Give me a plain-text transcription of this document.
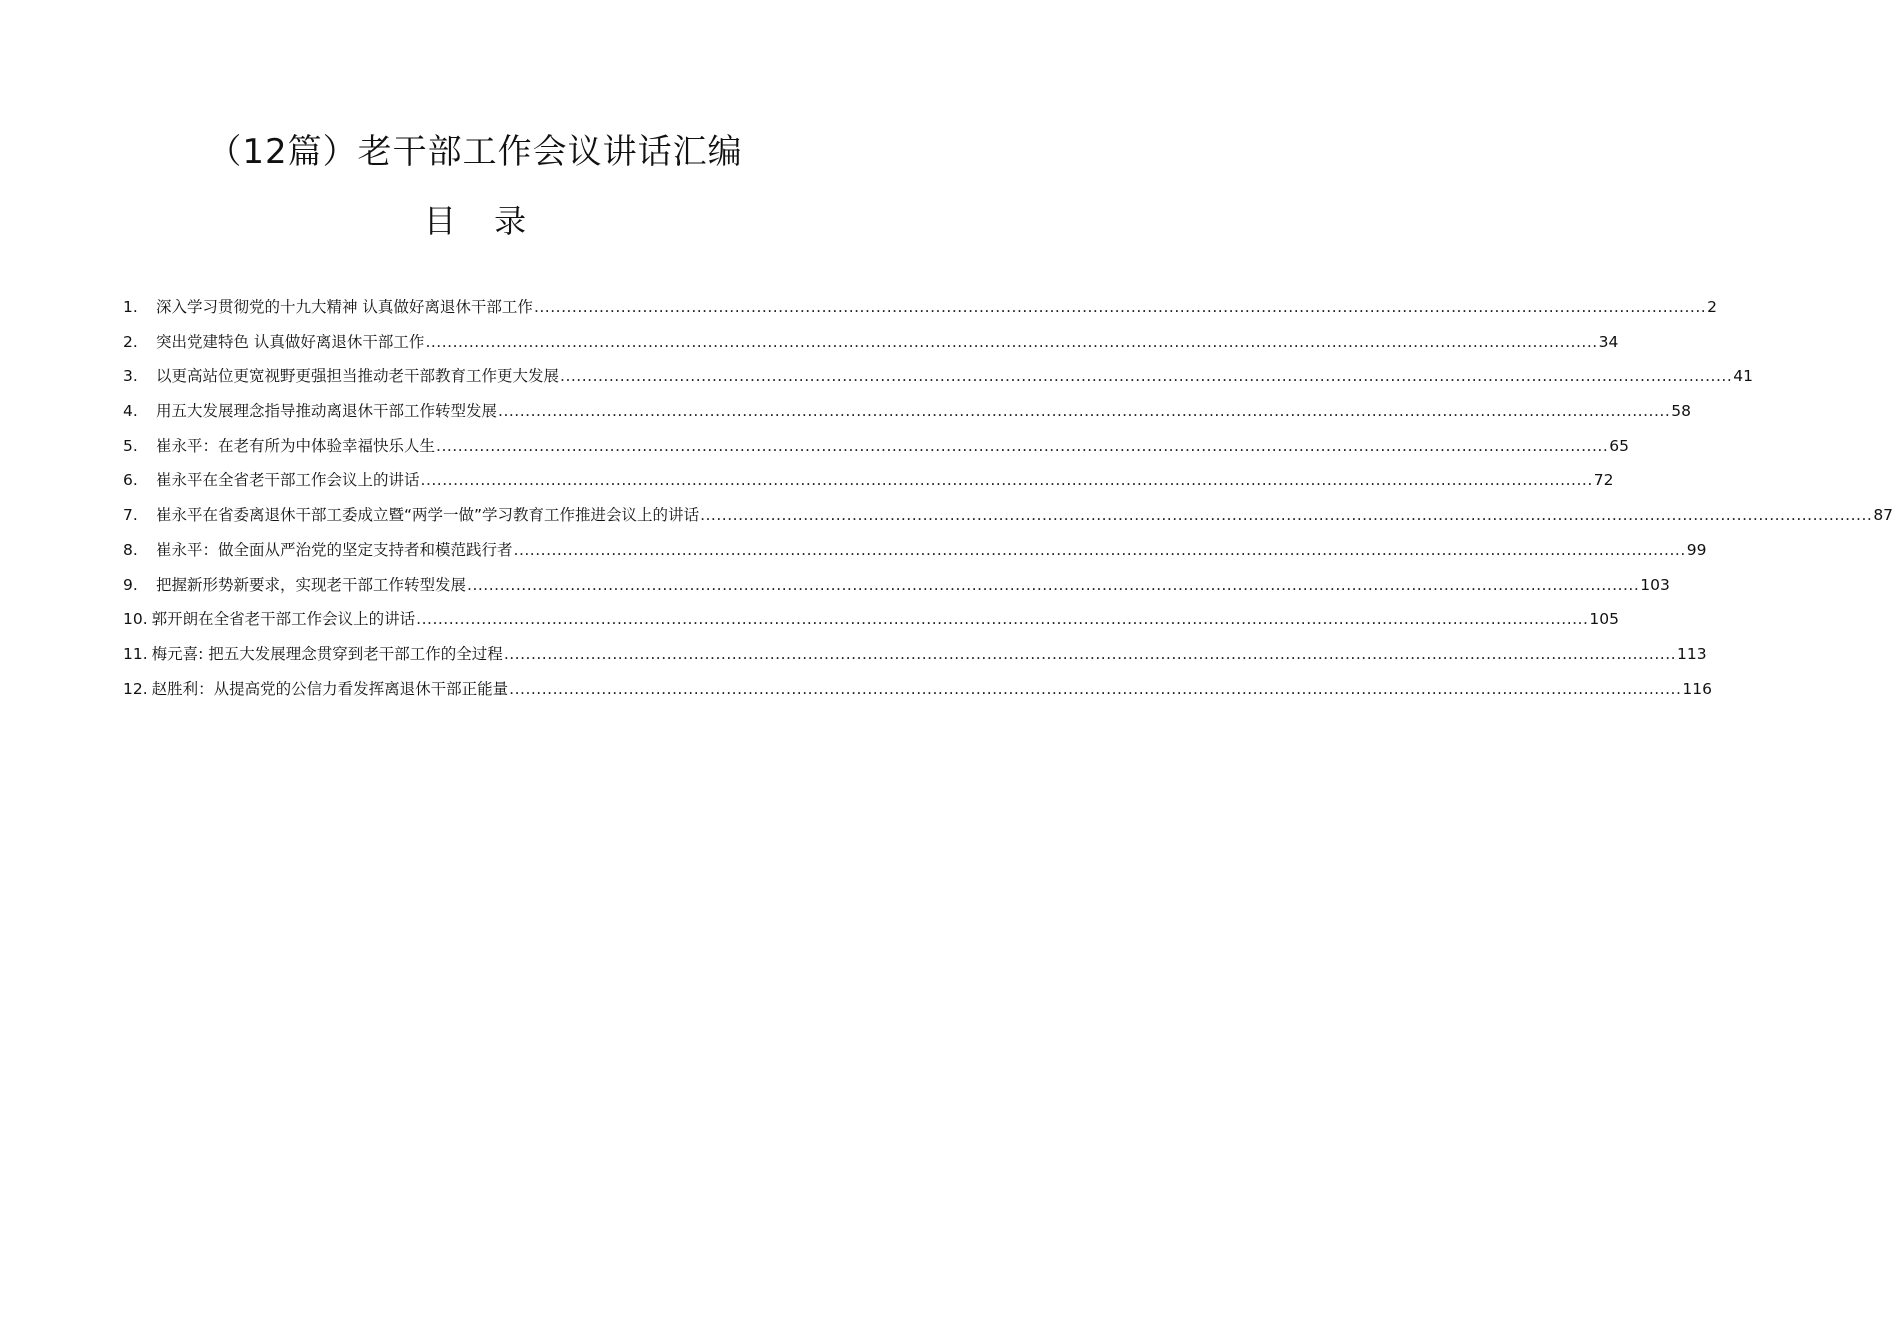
（12篇）老干部工作会议讲话汇编
目 录
1.	深入学习贯彻党的十九大精神 认真做好离退休干部工作 .....	2
2.	突出党建特色 认真做好离退休干部工作 .....	34
3.	以更高站位更宽视野更强担当推动老干部教育工作更大发展 .....	41
4.	用五大发展理念指导推动离退休干部工作转型发展 .....	58
5.	崔永平：在老有所为中体验幸福快乐人生 .....	65
6.	崔永平在全省老干部工作会议上的讲话 .....	72
7.	崔永平在省委离退休干部工委成立暨“两学一做”学习教育工作推进会议上的讲话 .....	87
8.	崔永平：做全面从严治党的坚定支持者和模范践行者 .....	99
9.	把握新形势新要求，实现老干部工作转型发展 .....	103
10. 郭开朗在全省老干部工作会议上的讲话 .....	105
11. 梅元喜: 把五大发展理念贯穿到老干部工作的全过程 .....	113
12. 赵胜利：从提高党的公信力看发挥离退休干部正能量 .....	116
